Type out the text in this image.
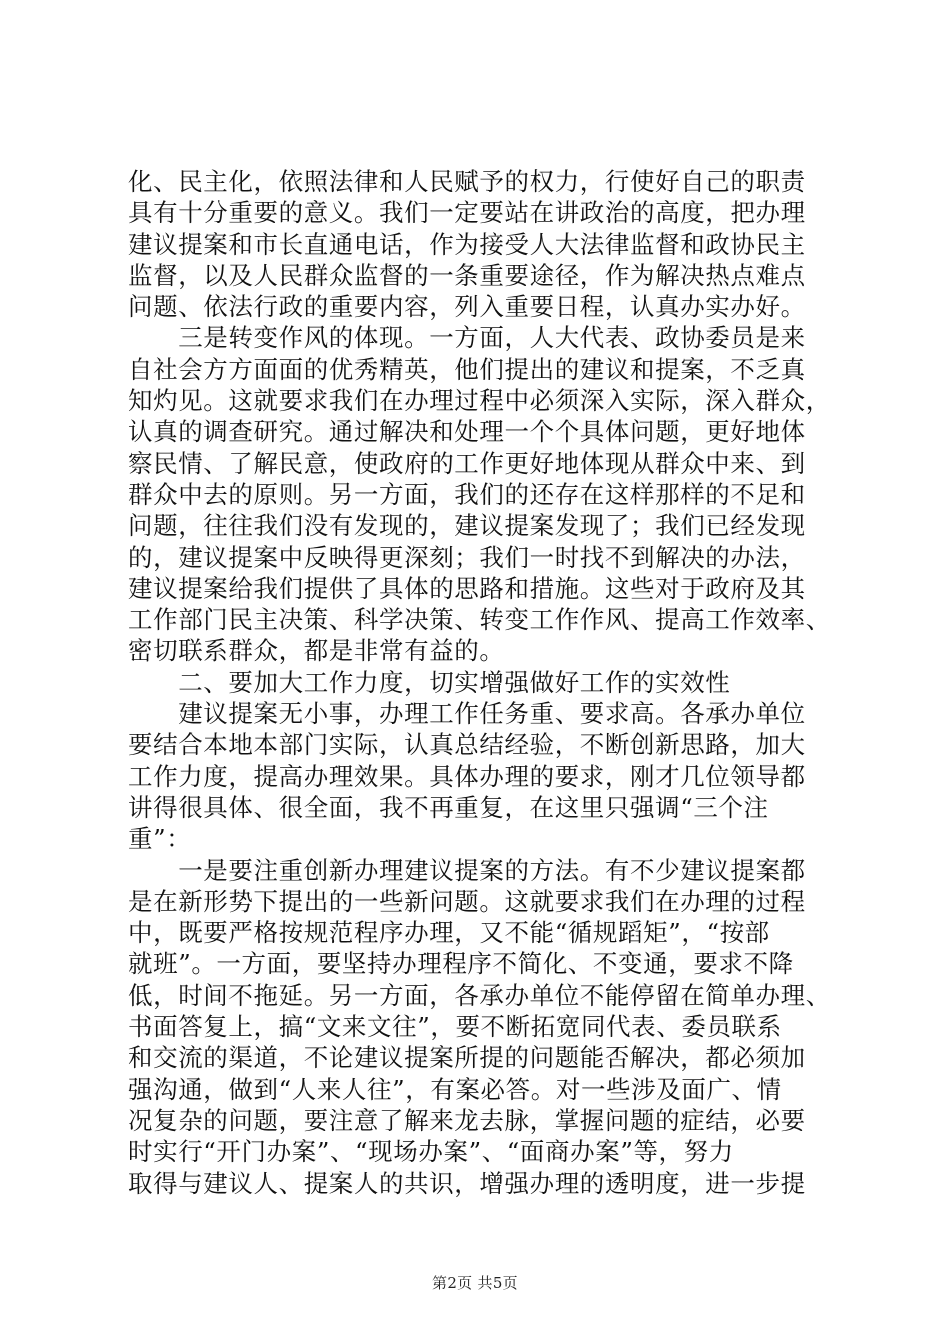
化、民主化，依照法律和人民赋予的权力，行使好自己的职责
具有十分重要的意义。我们一定要站在讲政治的高度，把办理
建议提案和市长直通电话，作为接受人大法律监督和政协民主
监督，以及人民群众监督的一条重要途径，作为解决热点难点
问题、依法行政的重要内容，列入重要日程，认真办实办好。
　　三是转变作风的体现。一方面，人大代表、政协委员是来
自社会方方面面的优秀精英，他们提出的建议和提案，不乏真
知灼见。这就要求我们在办理过程中必须深入实际，深入群众，
认真的调查研究。通过解决和处理一个个具体问题，更好地体
察民情、了解民意，使政府的工作更好地体现从群众中来、到
群众中去的原则。另一方面，我们的还存在这样那样的不足和
问题，往往我们没有发现的，建议提案发现了；我们已经发现
的，建议提案中反映得更深刻；我们一时找不到解决的办法，
建议提案给我们提供了具体的思路和措施。这些对于政府及其
工作部门民主决策、科学决策、转变工作作风、提高工作效率、
密切联系群众，都是非常有益的。
　　二、要加大工作力度，切实增强做好工作的实效性
　　建议提案无小事，办理工作任务重、要求高。各承办单位
要结合本地本部门实际，认真总结经验，不断创新思路，加大
工作力度，提高办理效果。具体办理的要求，刚才几位领导都
讲得很具体、很全面，我不再重复，在这里只强调“三个注
重”：
　　一是要注重创新办理建议提案的方法。有不少建议提案都
是在新形势下提出的一些新问题。这就要求我们在办理的过程
中，既要严格按规范程序办理，又不能“循规蹈矩”，“按部
就班”。一方面，要坚持办理程序不简化、不变通，要求不降
低，时间不拖延。另一方面，各承办单位不能停留在简单办理、
书面答复上，搞“文来文往”，要不断拓宽同代表、委员联系
和交流的渠道，不论建议提案所提的问题能否解决，都必须加
强沟通，做到“人来人往”，有案必答。对一些涉及面广、情
况复杂的问题，要注意了解来龙去脉，掌握问题的症结，必要
时实行“开门办案”、“现场办案”、“面商办案”等，努力
取得与建议人、提案人的共识，增强办理的透明度，进一步提
第2页 共5页
